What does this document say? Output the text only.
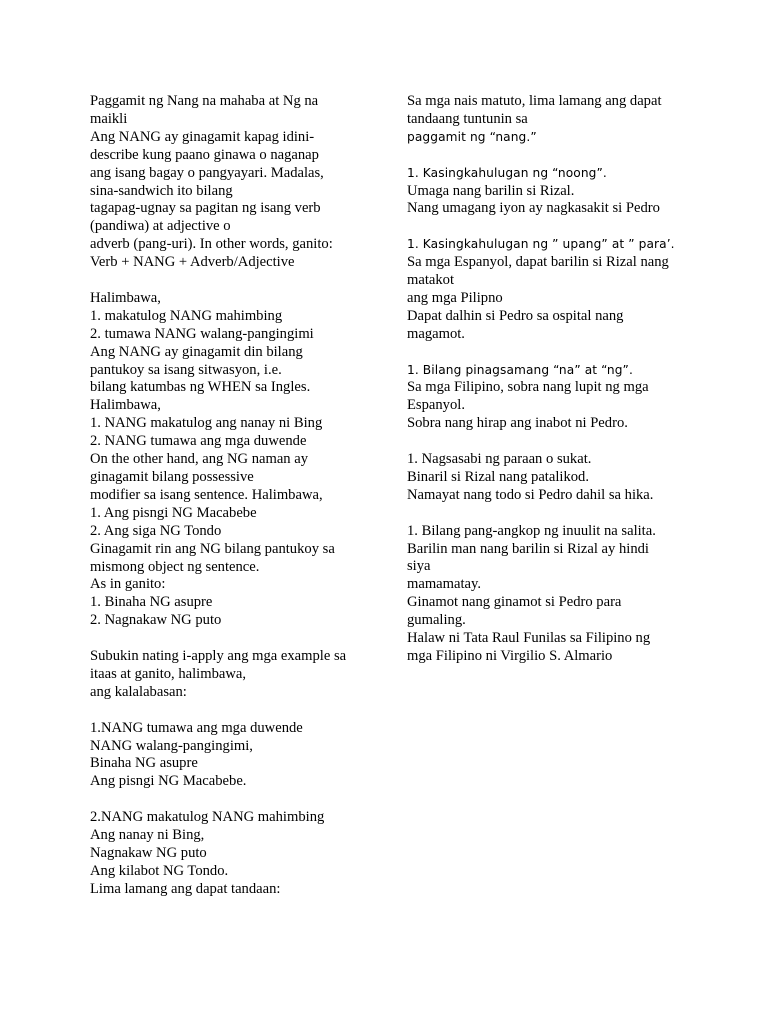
Paggamit ng Nang na mahaba at Ng na
maikli
Ang NANG ay ginagamit kapag idini-
describe kung paano ginawa o naganap
ang isang bagay o pangyayari. Madalas,
sina-sandwich ito bilang
tagapag-ugnay sa pagitan ng isang verb
(pandiwa) at adjective o
adverb (pang-uri). In other words, ganito:
Verb + NANG + Adverb/Adjective
Halimbawa,
1. makatulog NANG mahimbing
2. tumawa NANG walang-pangingimi
Ang NANG ay ginagamit din bilang
pantukoy sa isang sitwasyon, i.e.
bilang katumbas ng WHEN sa Ingles.
Halimbawa,
1. NANG makatulog ang nanay ni Bing
2. NANG tumawa ang mga duwende
On the other hand, ang NG naman ay
ginagamit bilang possessive
modifier sa isang sentence. Halimbawa,
1. Ang pisngi NG Macabebe
2. Ang siga NG Tondo
Ginagamit rin ang NG bilang pantukoy sa
mismong object ng sentence.
As in ganito:
1. Binaha NG asupre
2. Nagnakaw NG puto
Subukin nating i-apply ang mga example sa
itaas at ganito, halimbawa,
ang kalalabasan:
1.NANG tumawa ang mga duwende
NANG walang-pangingimi,
Binaha NG asupre
Ang pisngi NG Macabebe.
2.NANG makatulog NANG mahimbing
Ang nanay ni Bing,
Nagnakaw NG puto
Ang kilabot NG Tondo.
Lima lamang ang dapat tandaan:
Sa mga nais matuto, lima lamang ang dapat
tandaang tuntunin sa
paggamit ng “nang.”
1. Kasingkahulugan ng “noong”.
Umaga nang barilin si Rizal.
Nang umagang iyon ay nagkasakit si Pedro
1. Kasingkahulugan ng ” upang” at ” para’.
Sa mga Espanyol, dapat barilin si Rizal nang
matakot
ang mga Pilipno
Dapat dalhin si Pedro sa ospital nang
magamot.
1. Bilang pinagsamang “na” at “ng”.
Sa mga Filipino, sobra nang lupit ng mga
Espanyol.
Sobra nang hirap ang inabot ni Pedro.
1. Nagsasabi ng paraan o sukat.
Binaril si Rizal nang patalikod.
Namayat nang todo si Pedro dahil sa hika.
1. Bilang pang-angkop ng inuulit na salita.
Barilin man nang barilin si Rizal ay hindi
siya
mamamatay.
Ginamot nang ginamot si Pedro para
gumaling.
Halaw ni Tata Raul Funilas sa Filipino ng
mga Filipino ni Virgilio S. Almario
